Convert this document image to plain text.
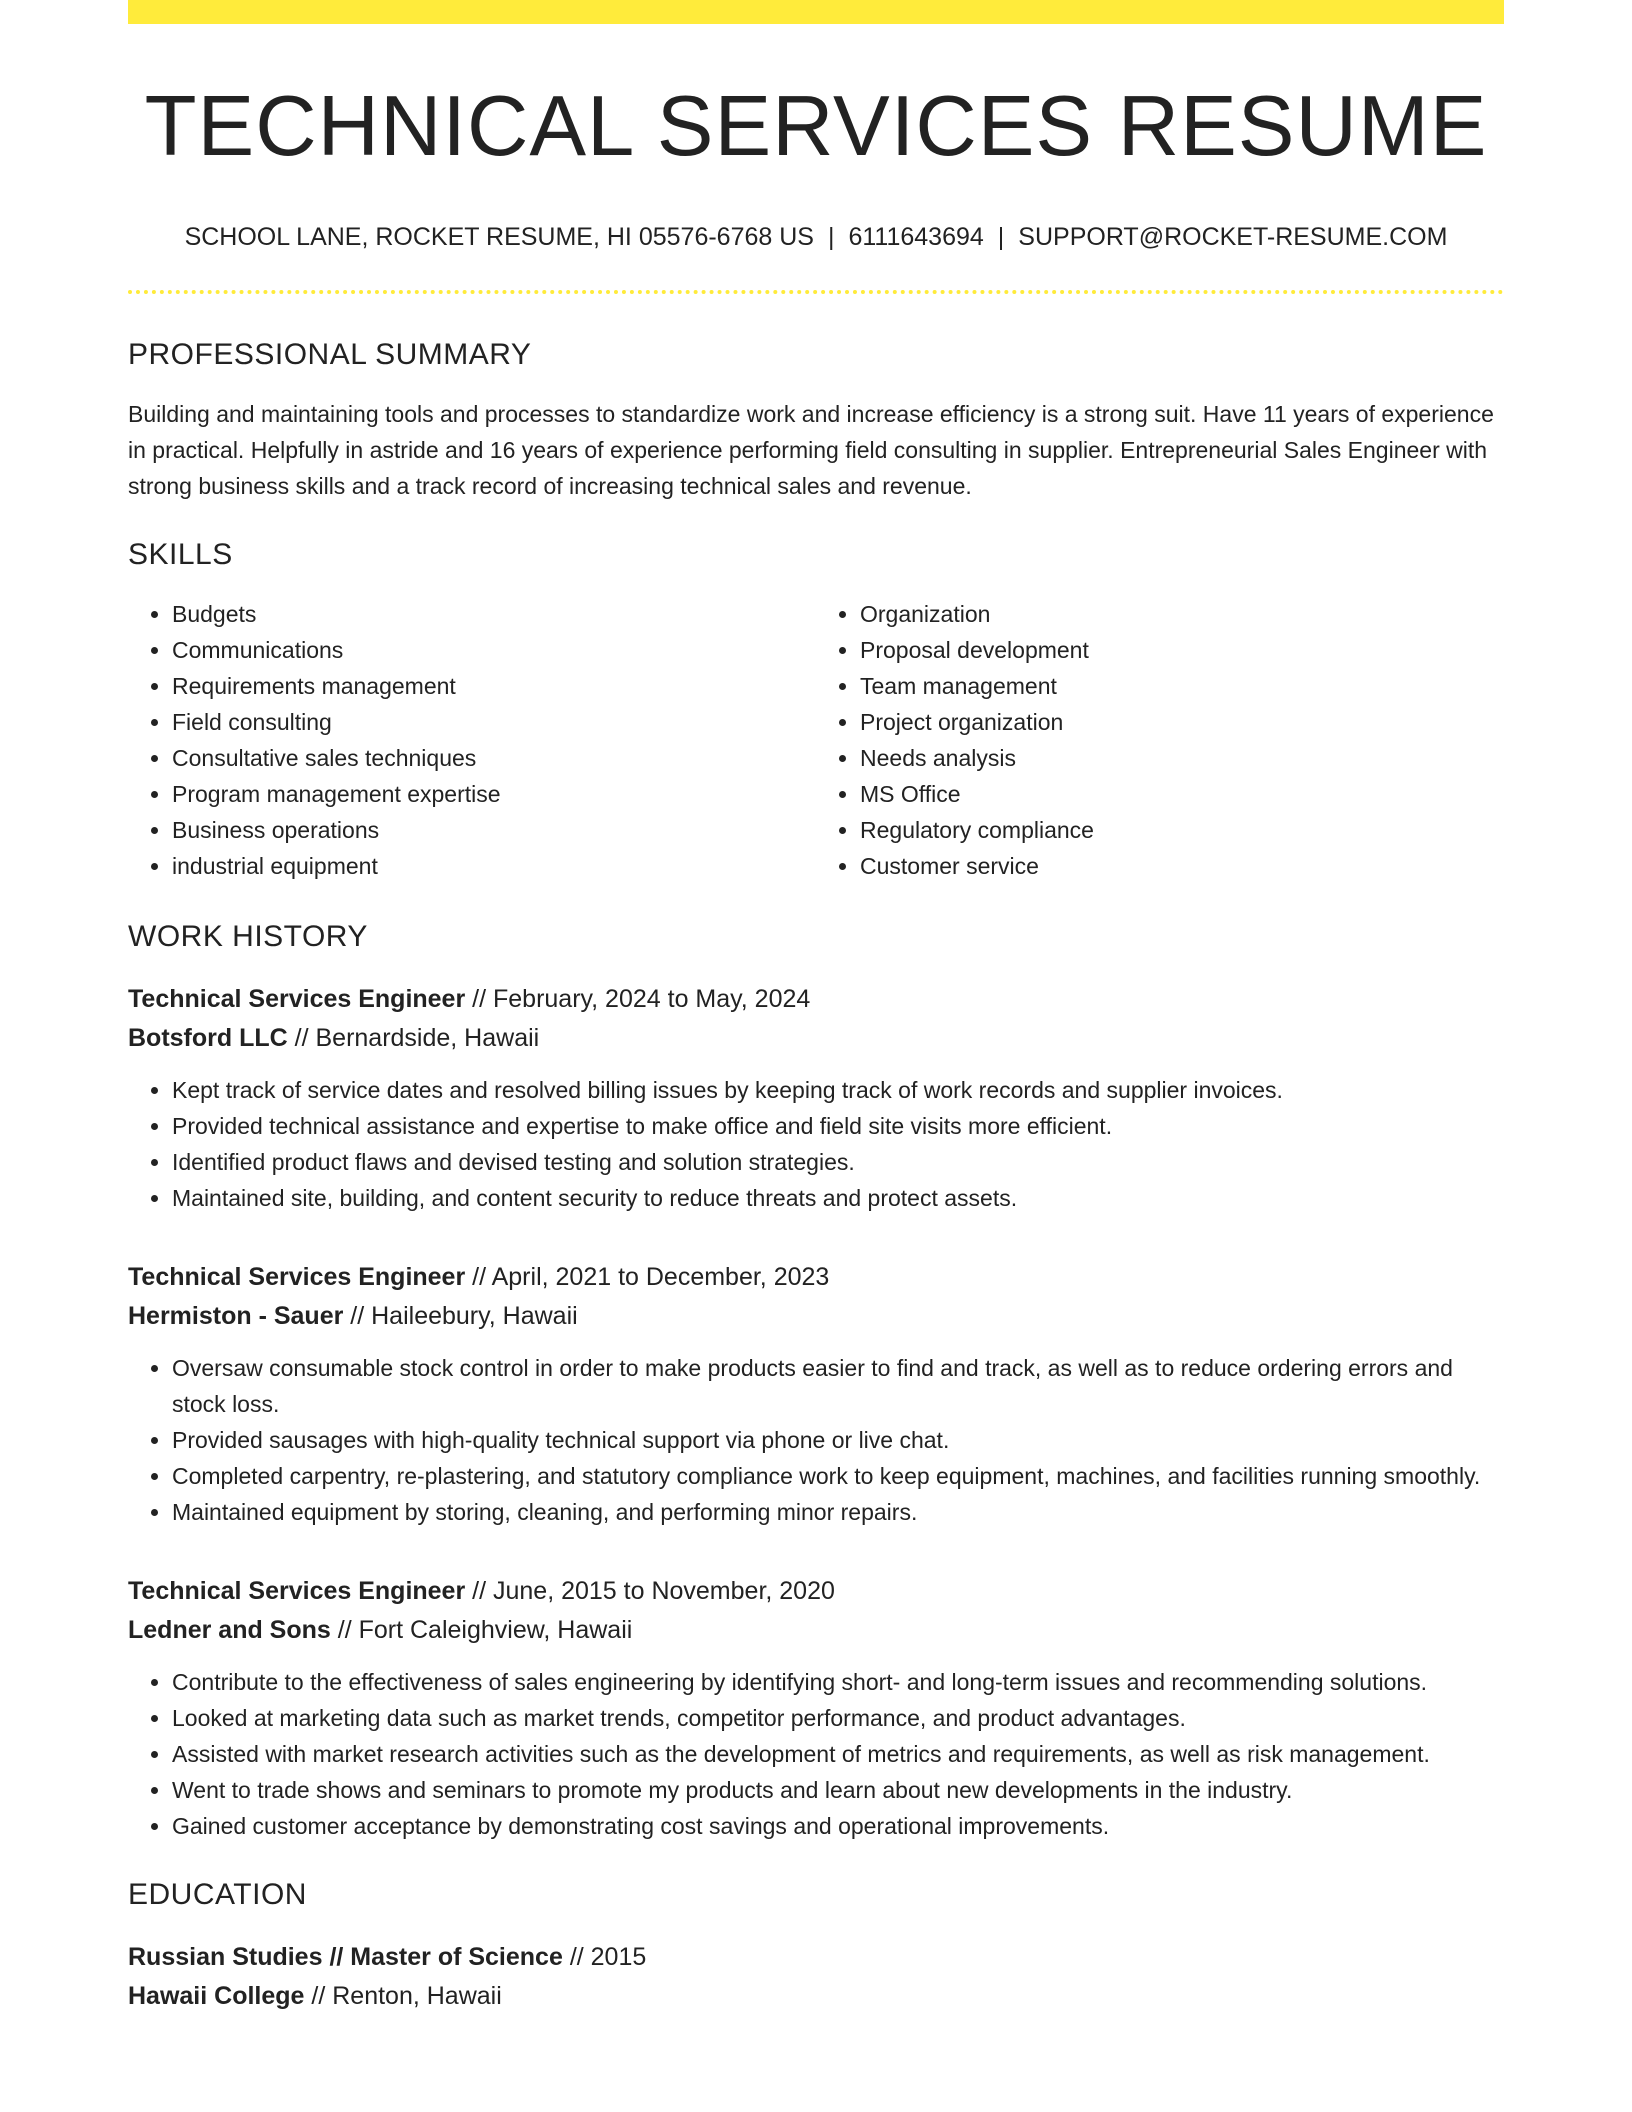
TECHNICAL SERVICES RESUME
SCHOOL LANE, ROCKET RESUME, HI 05576-6768 US | 6111643694 | SUPPORT@ROCKET-RESUME.COM
PROFESSIONAL SUMMARY
Building and maintaining tools and processes to standardize work and increase efficiency is a strong suit. Have 11 years of experience in practical. Helpfully in astride and 16 years of experience performing field consulting in supplier. Entrepreneurial Sales Engineer with strong business skills and a track record of increasing technical sales and revenue.
SKILLS
• Budgets
• Communications
• Requirements management
• Field consulting
• Consultative sales techniques
• Program management expertise
• Business operations
• industrial equipment
• Organization
• Proposal development
• Team management
• Project organization
• Needs analysis
• MS Office
• Regulatory compliance
• Customer service
WORK HISTORY
Technical Services Engineer // February, 2024 to May, 2024
Botsford LLC // Bernardside, Hawaii
• Kept track of service dates and resolved billing issues by keeping track of work records and supplier invoices.
• Provided technical assistance and expertise to make office and field site visits more efficient.
• Identified product flaws and devised testing and solution strategies.
• Maintained site, building, and content security to reduce threats and protect assets.
Technical Services Engineer // April, 2021 to December, 2023
Hermiston - Sauer // Haileebury, Hawaii
• Oversaw consumable stock control in order to make products easier to find and track, as well as to reduce ordering errors and stock loss.
• Provided sausages with high-quality technical support via phone or live chat.
• Completed carpentry, re-plastering, and statutory compliance work to keep equipment, machines, and facilities running smoothly.
• Maintained equipment by storing, cleaning, and performing minor repairs.
Technical Services Engineer // June, 2015 to November, 2020
Ledner and Sons // Fort Caleighview, Hawaii
• Contribute to the effectiveness of sales engineering by identifying short- and long-term issues and recommending solutions.
• Looked at marketing data such as market trends, competitor performance, and product advantages.
• Assisted with market research activities such as the development of metrics and requirements, as well as risk management.
• Went to trade shows and seminars to promote my products and learn about new developments in the industry.
• Gained customer acceptance by demonstrating cost savings and operational improvements.
EDUCATION
Russian Studies // Master of Science // 2015
Hawaii College // Renton, Hawaii
